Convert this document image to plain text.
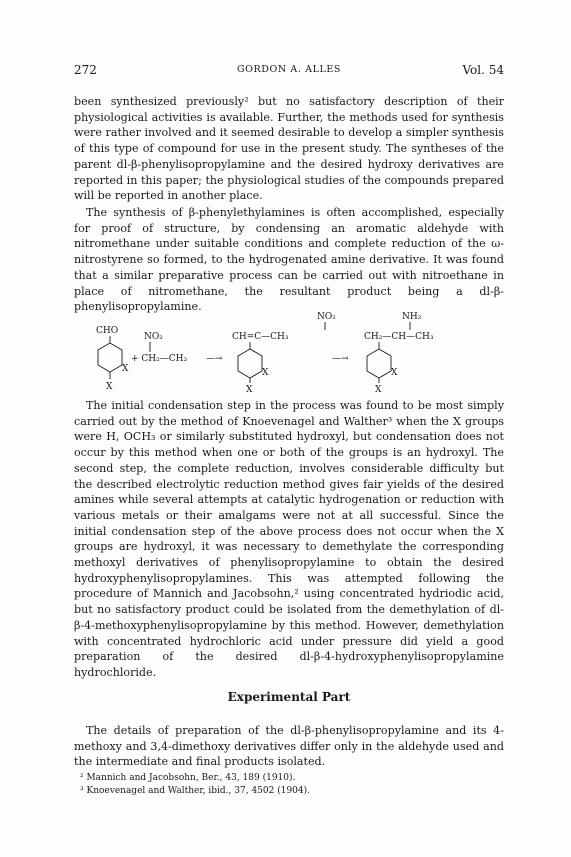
272	GORDON A. ALLES	Vol. 54
been synthesized previously² but no satisfactory description of their physiological activities is available. Further, the methods used for synthesis were rather involved and it seemed desirable to develop a simpler synthesis of this type of compound for use in the present study. The syntheses of the parent dl-β-phenylisopropylamine and the desired hydroxy derivatives are reported in this paper; the physiological studies of the compounds prepared will be reported in another place.
The synthesis of β-phenylethylamines is often accomplished, especially for proof of structure, by condensing an aromatic aldehyde with nitromethane under suitable conditions and complete reduction of the ω-nitrostyrene so formed, to the hydrogenated amine derivative. It was found that a similar preparative process can be carried out with nitroethane in place of nitromethane, the resultant product being a dl-β-phenylisopropylamine.
The initial condensation step in the process was found to be most simply carried out by the method of Knoevenagel and Walther³ when the X groups were H, OCH₃ or similarly substituted hydroxyl, but condensation does not occur by this method when one or both of the groups is an hydroxyl. The second step, the complete reduction, involves considerable difficulty but the described electrolytic reduction method gives fair yields of the desired amines while several attempts at catalytic hydrogenation or reduction with various metals or their amalgams were not at all successful. Since the initial condensation step of the above process does not occur when the X groups are hydroxyl, it was necessary to demethylate the corresponding methoxyl derivatives of phenylisopropylamine to obtain the desired hydroxyphenylisopropylamines. This was attempted following the procedure of Mannich and Jacobsohn,² using concentrated hydriodic acid, but no satisfactory product could be isolated from the demethylation of dl-β-4-methoxyphenylisopropylamine by this method. However, demethylation with concentrated hydrochloric acid under pressure did yield a good preparation of the desired dl-β-4-hydroxyphenylisopropylamine hydrochloride.
Experimental Part
The details of preparation of the dl-β-phenylisopropylamine and its 4-methoxy and 3,4-dimethoxy derivatives differ only in the aldehyde used and the intermediate and final products isolated.
² Mannich and Jacobsohn, Ber., 43, 189 (1910).
³ Knoevenagel and Walther, ibid., 37, 4502 (1904).
CHO
X
X
NO₂
+ CH₂—CH₃ —→
NO₂
CH=C—CH₃
X
X
—→
NH₂
CH₂—CH—CH₃
X
X
